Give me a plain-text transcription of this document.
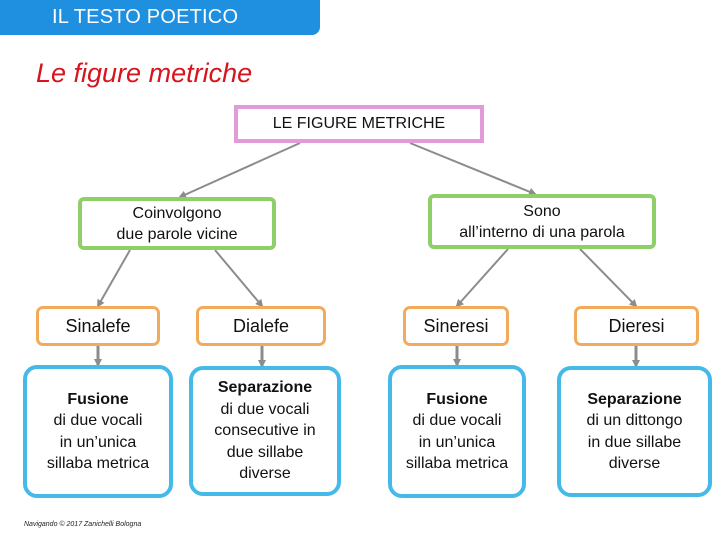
IL TESTO POETICO
Le figure metriche
LE FIGURE METRICHE
Coinvolgono
due parole vicine
Sono
all’interno di una parola
Sinalefe	Dialefe	Sineresi	Dieresi
Fusione
di due vocali
in un’unica
sillaba metrica
Separazione
di due vocali
consecutive in
due sillabe
diverse
Fusione
di due vocali
in un’unica
sillaba metrica
Separazione
di un dittongo
in due sillabe
diverse
Navigando © 2017 Zanichelli Bologna
